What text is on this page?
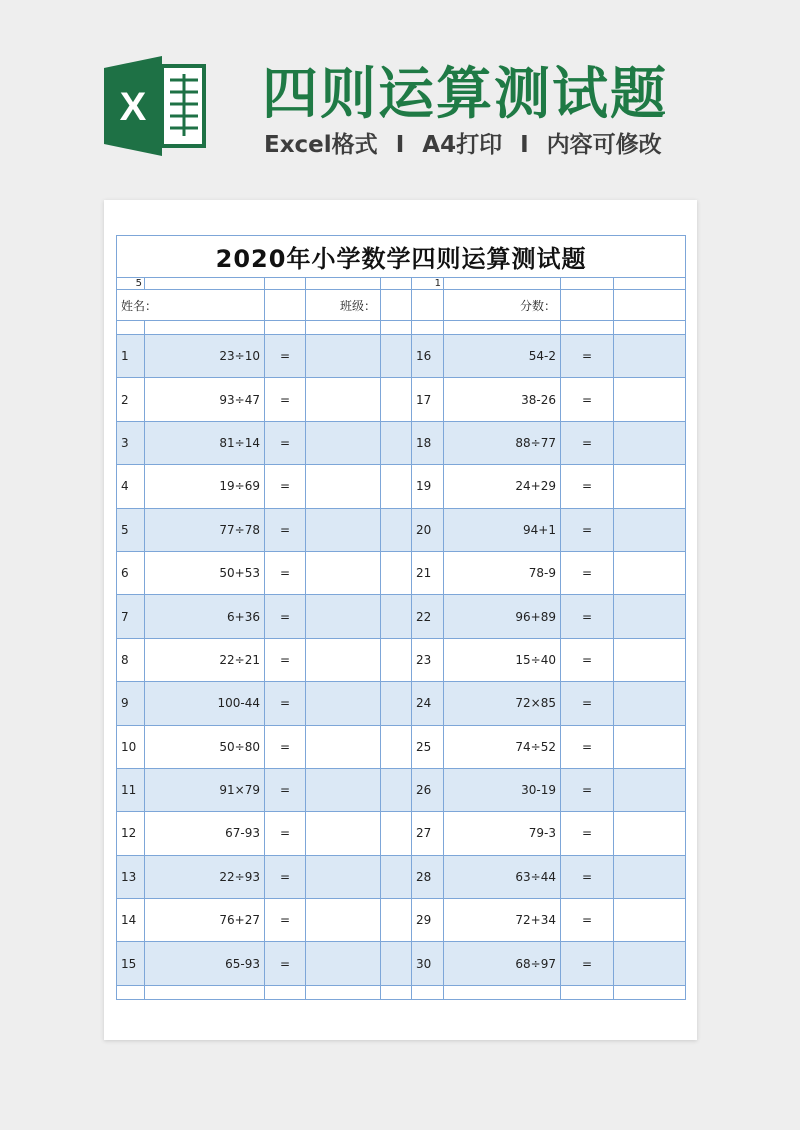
X 四则运算测试题
Excel格式 I A4打印 I 内容可修改
2020年小学数学四则运算测试题								
5					1			
姓名：			班级：			分数：		

1	23÷10	=			16	54-2	=	
2	93÷47	=			17	38-26	=	
3	81÷14	=			18	88÷77	=	
4	19÷69	=			19	24+29	=	
5	77÷78	=			20	94+1	=	
6	50+53	=			21	78-9	=	
7	6+36	=			22	96+89	=	
8	22÷21	=			23	15÷40	=	
9	100-44	=			24	72×85	=	
10	50÷80	=			25	74÷52	=	
11	91×79	=			26	30-19	=	
12	67-93	=			27	79-3	=	
13	22÷93	=			28	63÷44	=	
14	76+27	=			29	72+34	=	
15	65-93	=			30	68÷97	=	
